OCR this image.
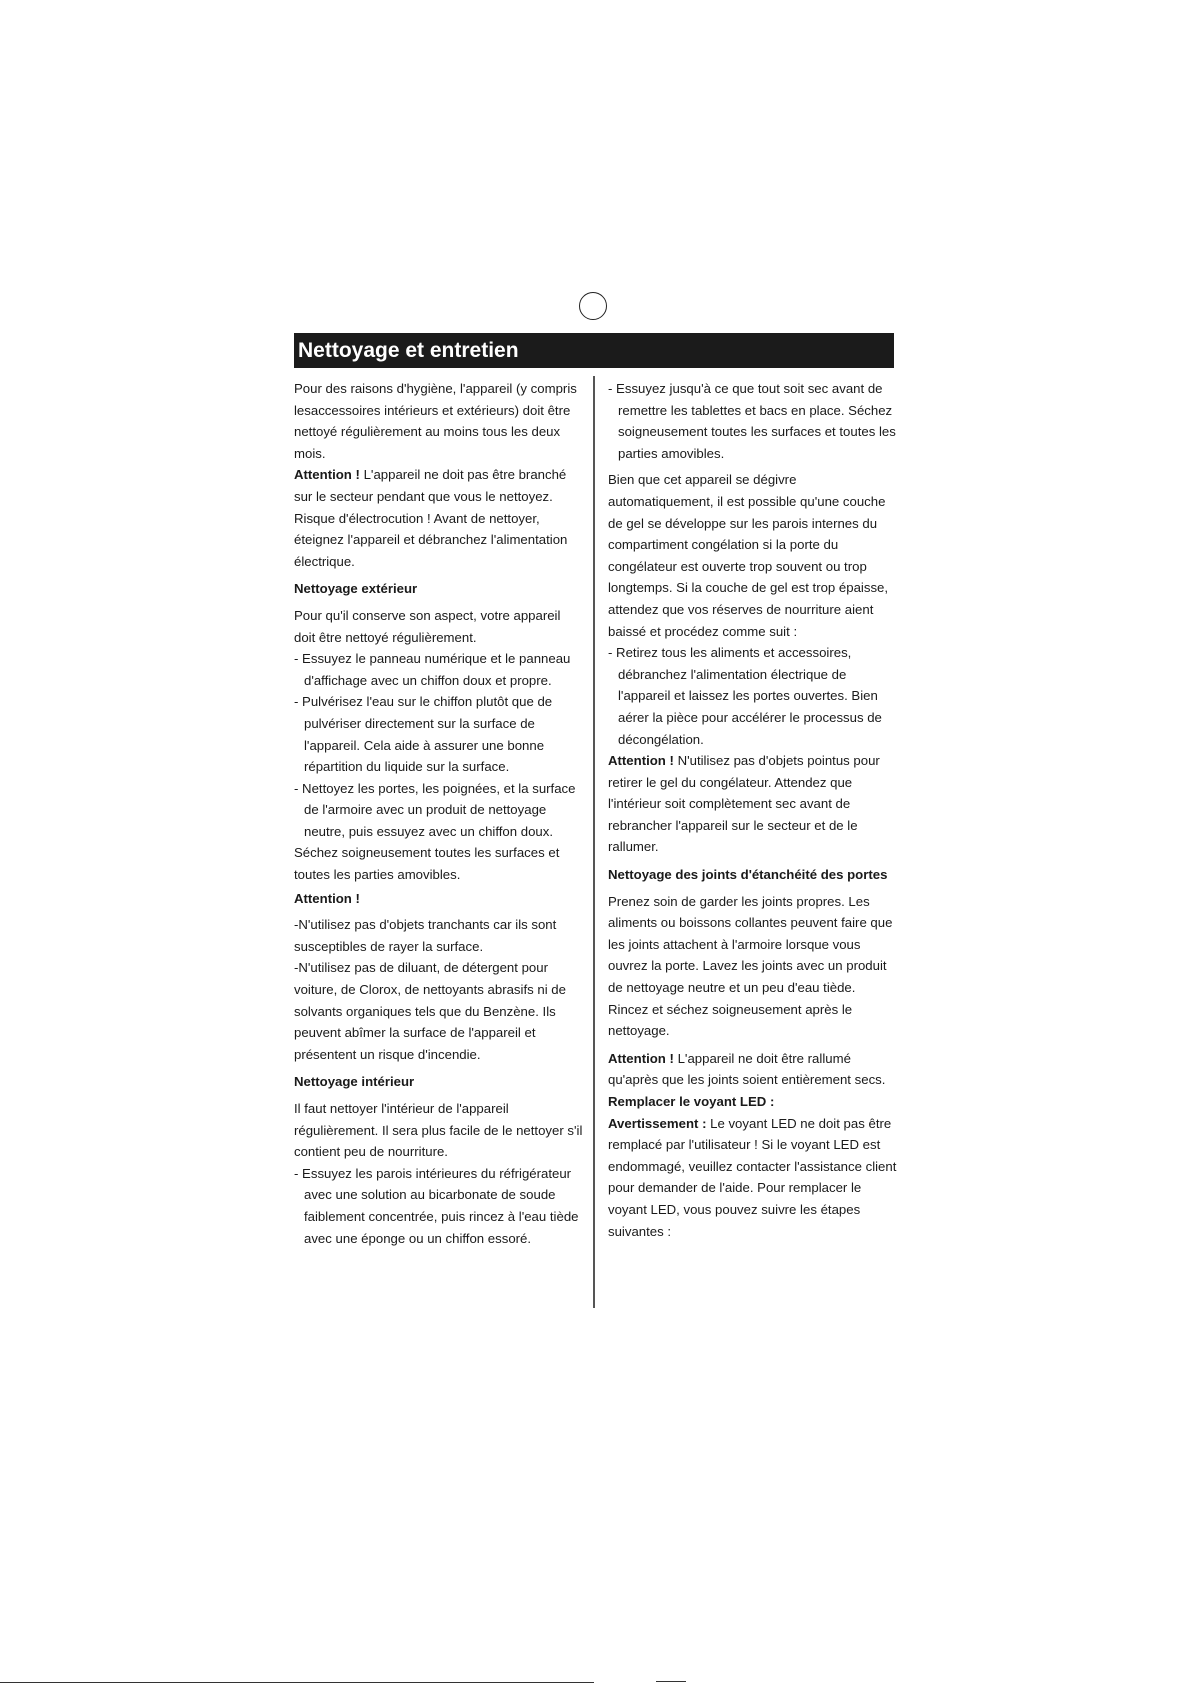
Nettoyage et entretien

Pour des raisons d'hygiène, l'appareil (y compris lesaccessoires intérieurs et extérieurs) doit être nettoyé régulièrement au moins tous les deux mois.

Attention ! L'appareil ne doit pas être branché sur le secteur pendant que vous le nettoyez. Risque d'électrocution ! Avant de nettoyer, éteignez l'appareil et débranchez l'alimentation électrique.

Nettoyage extérieur

Pour qu'il conserve son aspect, votre appareil doit être nettoyé régulièrement.

- Essuyez le panneau numérique et le panneau d'affichage avec un chiffon doux et propre.

- Pulvérisez l'eau sur le chiffon plutôt que de pulvériser directement sur la surface de l'appareil. Cela aide à assurer une bonne répartition du liquide sur la surface.

- Nettoyez les portes, les poignées, et la surface de l'armoire avec un produit de nettoyage neutre, puis essuyez avec un chiffon doux.

Séchez soigneusement toutes les surfaces et toutes les parties amovibles.

Attention !

-N'utilisez pas d'objets tranchants car ils sont susceptibles de rayer la surface.

-N'utilisez pas de diluant, de détergent pour voiture, de Clorox, de nettoyants abrasifs ni de solvants organiques tels que du Benzène. Ils peuvent abîmer la surface de l'appareil et présentent un risque d'incendie.

Nettoyage intérieur

Il faut nettoyer l'intérieur de l'appareil régulièrement. Il sera plus facile de le nettoyer s'il contient peu de nourriture.

- Essuyez les parois intérieures du réfrigérateur avec une solution au bicarbonate de soude faiblement concentrée, puis rincez à l'eau tiède avec une éponge ou un chiffon essoré.

- Essuyez jusqu'à ce que tout soit sec avant de remettre les tablettes et bacs en place. Séchez soigneusement toutes les surfaces et toutes les parties amovibles.

Bien que cet appareil se dégivre automatiquement, il est possible qu'une couche de gel se développe sur les parois internes du compartiment congélation si la porte du congélateur est ouverte trop souvent ou trop longtemps. Si la couche de gel est trop épaisse, attendez que vos réserves de nourriture aient baissé et procédez comme suit :

- Retirez tous les aliments et accessoires, débranchez l'alimentation électrique de l'appareil et laissez les portes ouvertes. Bien aérer la pièce pour accélérer le processus de décongélation.

Attention ! N'utilisez pas d'objets pointus pour retirer le gel du congélateur. Attendez que l'intérieur soit complètement sec avant de rebrancher l'appareil sur le secteur et de le rallumer.

Nettoyage des joints d'étanchéité des portes

Prenez soin de garder les joints propres. Les aliments ou boissons collantes peuvent faire que les joints attachent à l'armoire lorsque vous ouvrez la porte. Lavez les joints avec un produit de nettoyage neutre et un peu d'eau tiède. Rincez et séchez soigneusement après le nettoyage.

Attention ! L'appareil ne doit être rallumé qu'après que les joints soient entièrement secs.

Remplacer le voyant LED :

Avertissement : Le voyant LED ne doit pas être remplacé par l'utilisateur ! Si le voyant LED est endommagé, veuillez contacter l'assistance client pour demander de l'aide. Pour remplacer le voyant LED, vous pouvez suivre les étapes suivantes :
